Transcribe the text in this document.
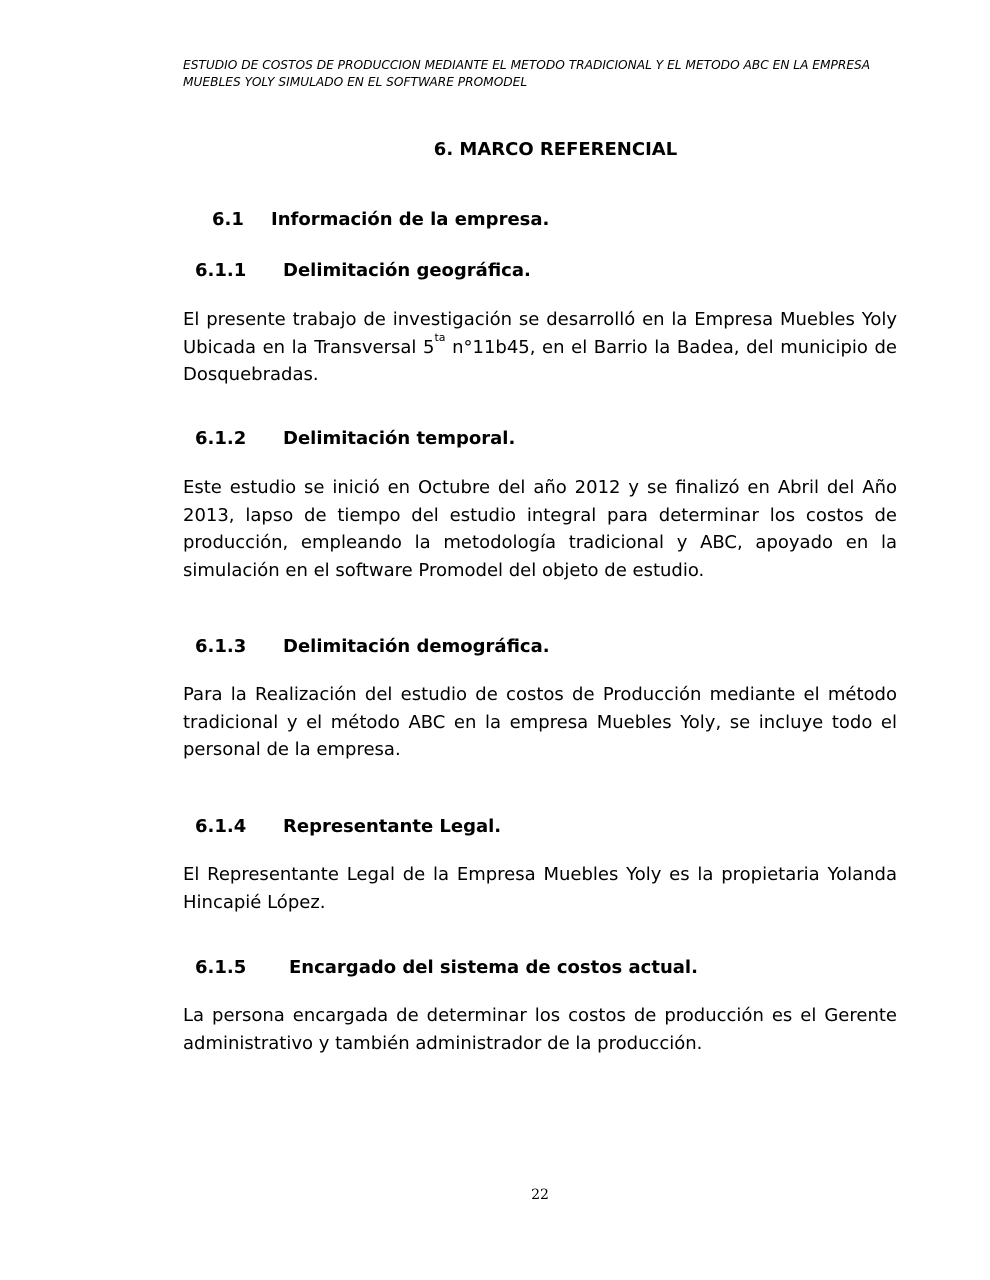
ESTUDIO DE COSTOS DE PRODUCCION MEDIANTE EL METODO TRADICIONAL Y EL METODO ABC EN LA EMPRESA MUEBLES YOLY SIMULADO EN EL SOFTWARE PROMODEL
6. MARCO REFERENCIAL
6.1 Información de la empresa.
6.1.1 Delimitación geográfica.
El presente trabajo de investigación se desarrolló en la Empresa Muebles Yoly Ubicada en la Transversal $5^{ta}$ n°11b45, en el Barrio la Badea, del municipio de Dosquebradas.
6.1.2 Delimitación temporal.
Este estudio se inició en Octubre del año 2012 y se finalizó en Abril del Año 2013, lapso de tiempo del estudio integral para determinar los costos de producción, empleando la metodología tradicional y ABC, apoyado en la simulación en el software Promodel del objeto de estudio.
6.1.3 Delimitación demográfica.
Para la Realización del estudio de costos de Producción mediante el método tradicional y el método ABC en la empresa Muebles Yoly, se incluye todo el personal de la empresa.
6.1.4 Representante Legal.
El Representante Legal de la Empresa Muebles Yoly es la propietaria Yolanda Hincapié López.
6.1.5 Encargado del sistema de costos actual.
La persona encargada de determinar los costos de producción es el Gerente administrativo y también administrador de la producción.
22
